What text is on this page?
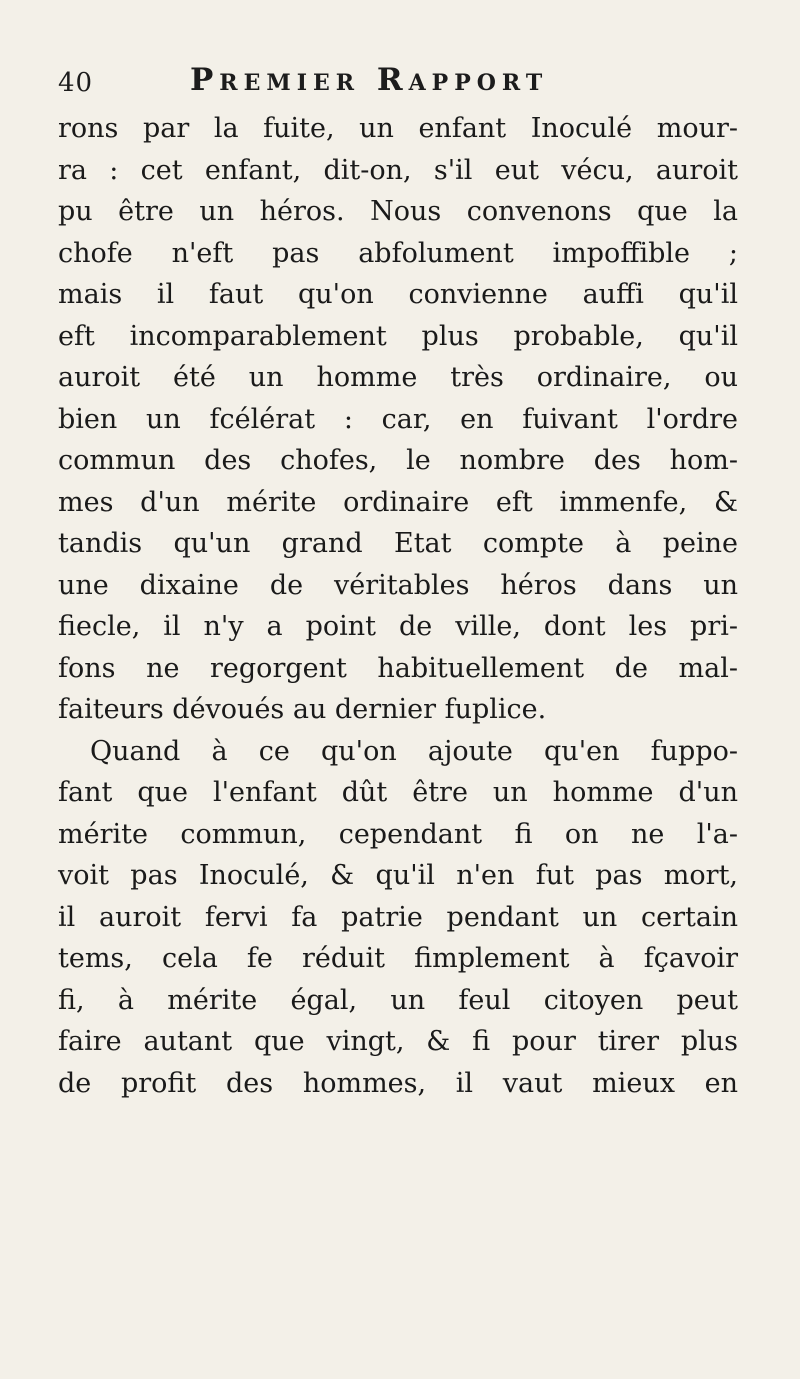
40	Premier Rapport
rons par la fuite, un enfant Inoculé mour-
ra : cet enfant, dit-on, s'il eut vécu, auroit
pu être un héros. Nous convenons que la
chofe n'eft pas abfolument impoffible ;
mais il faut qu'on convienne auffi qu'il
eft incomparablement plus probable, qu'il
auroit été un homme très ordinaire, ou
bien un fcélérat : car, en fuivant l'ordre
commun des chofes, le nombre des hom-
mes d'un mérite ordinaire eft immenfe, &
tandis qu'un grand Etat compte à peine
une dixaine de véritables héros dans un
fiecle, il n'y a point de ville, dont les pri-
fons ne regorgent habituellement de mal-
faiteurs dévoués au dernier fuplice.
Quand à ce qu'on ajoute qu'en fuppo-
fant que l'enfant dût être un homme d'un
mérite commun, cependant fi on ne l'a-
voit pas Inoculé, & qu'il n'en fut pas mort,
il auroit fervi fa patrie pendant un certain
tems, cela fe réduit fimplement à fçavoir
fi, à mérite égal, un feul citoyen peut
faire autant que vingt, & fi pour tirer plus
de profit des hommes, il vaut mieux en
